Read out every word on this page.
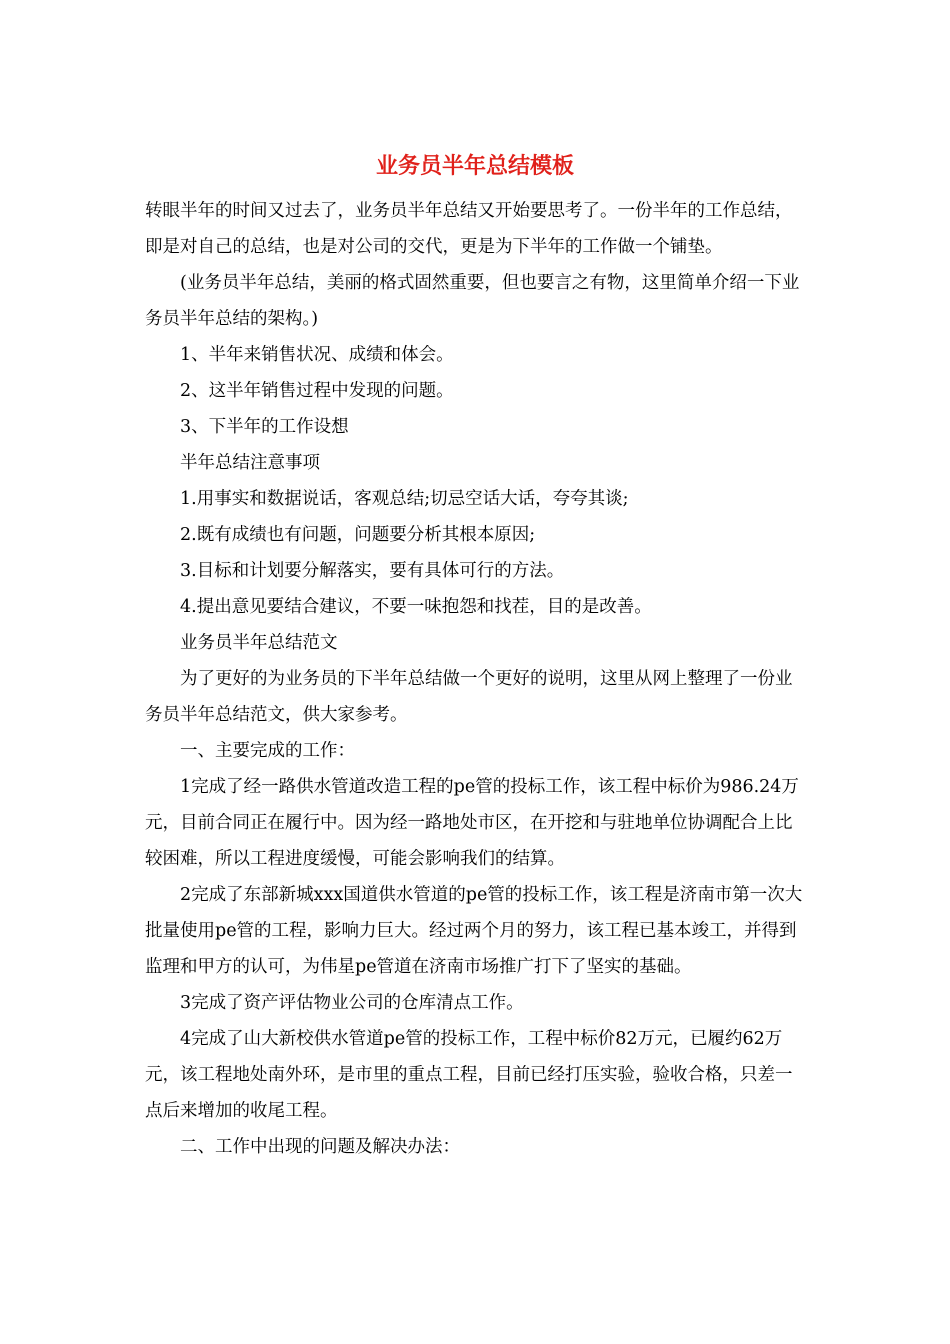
业务员半年总结模板

转眼半年的时间又过去了，业务员半年总结又开始要思考了。一份半年的工作总结，即是对自己的总结，也是对公司的交代，更是为下半年的工作做一个铺垫。

(业务员半年总结，美丽的格式固然重要，但也要言之有物，这里简单介绍一下业务员半年总结的架构。)

1、半年来销售状况、成绩和体会。

2、这半年销售过程中发现的问题。

3、下半年的工作设想

半年总结注意事项

1.用事实和数据说话，客观总结;切忌空话大话，夸夸其谈;

2.既有成绩也有问题，问题要分析其根本原因;

3.目标和计划要分解落实，要有具体可行的方法。

4.提出意见要结合建议，不要一味抱怨和找茬，目的是改善。

业务员半年总结范文

为了更好的为业务员的下半年总结做一个更好的说明，这里从网上整理了一份业务员半年总结范文，供大家参考。

一、主要完成的工作：

1完成了经一路供水管道改造工程的pe管的投标工作，该工程中标价为986.24万元，目前合同正在履行中。因为经一路地处市区，在开挖和与驻地单位协调配合上比较困难，所以工程进度缓慢，可能会影响我们的结算。

2完成了东部新城xxx国道供水管道的pe管的投标工作，该工程是济南市第一次大批量使用pe管的工程，影响力巨大。经过两个月的努力，该工程已基本竣工，并得到监理和甲方的认可，为伟星pe管道在济南市场推广打下了坚实的基础。

3完成了资产评估物业公司的仓库清点工作。

4完成了山大新校供水管道pe管的投标工作，工程中标价82万元，已履约62万元，该工程地处南外环，是市里的重点工程，目前已经打压实验，验收合格，只差一点后来增加的收尾工程。

二、工作中出现的问题及解决办法：
